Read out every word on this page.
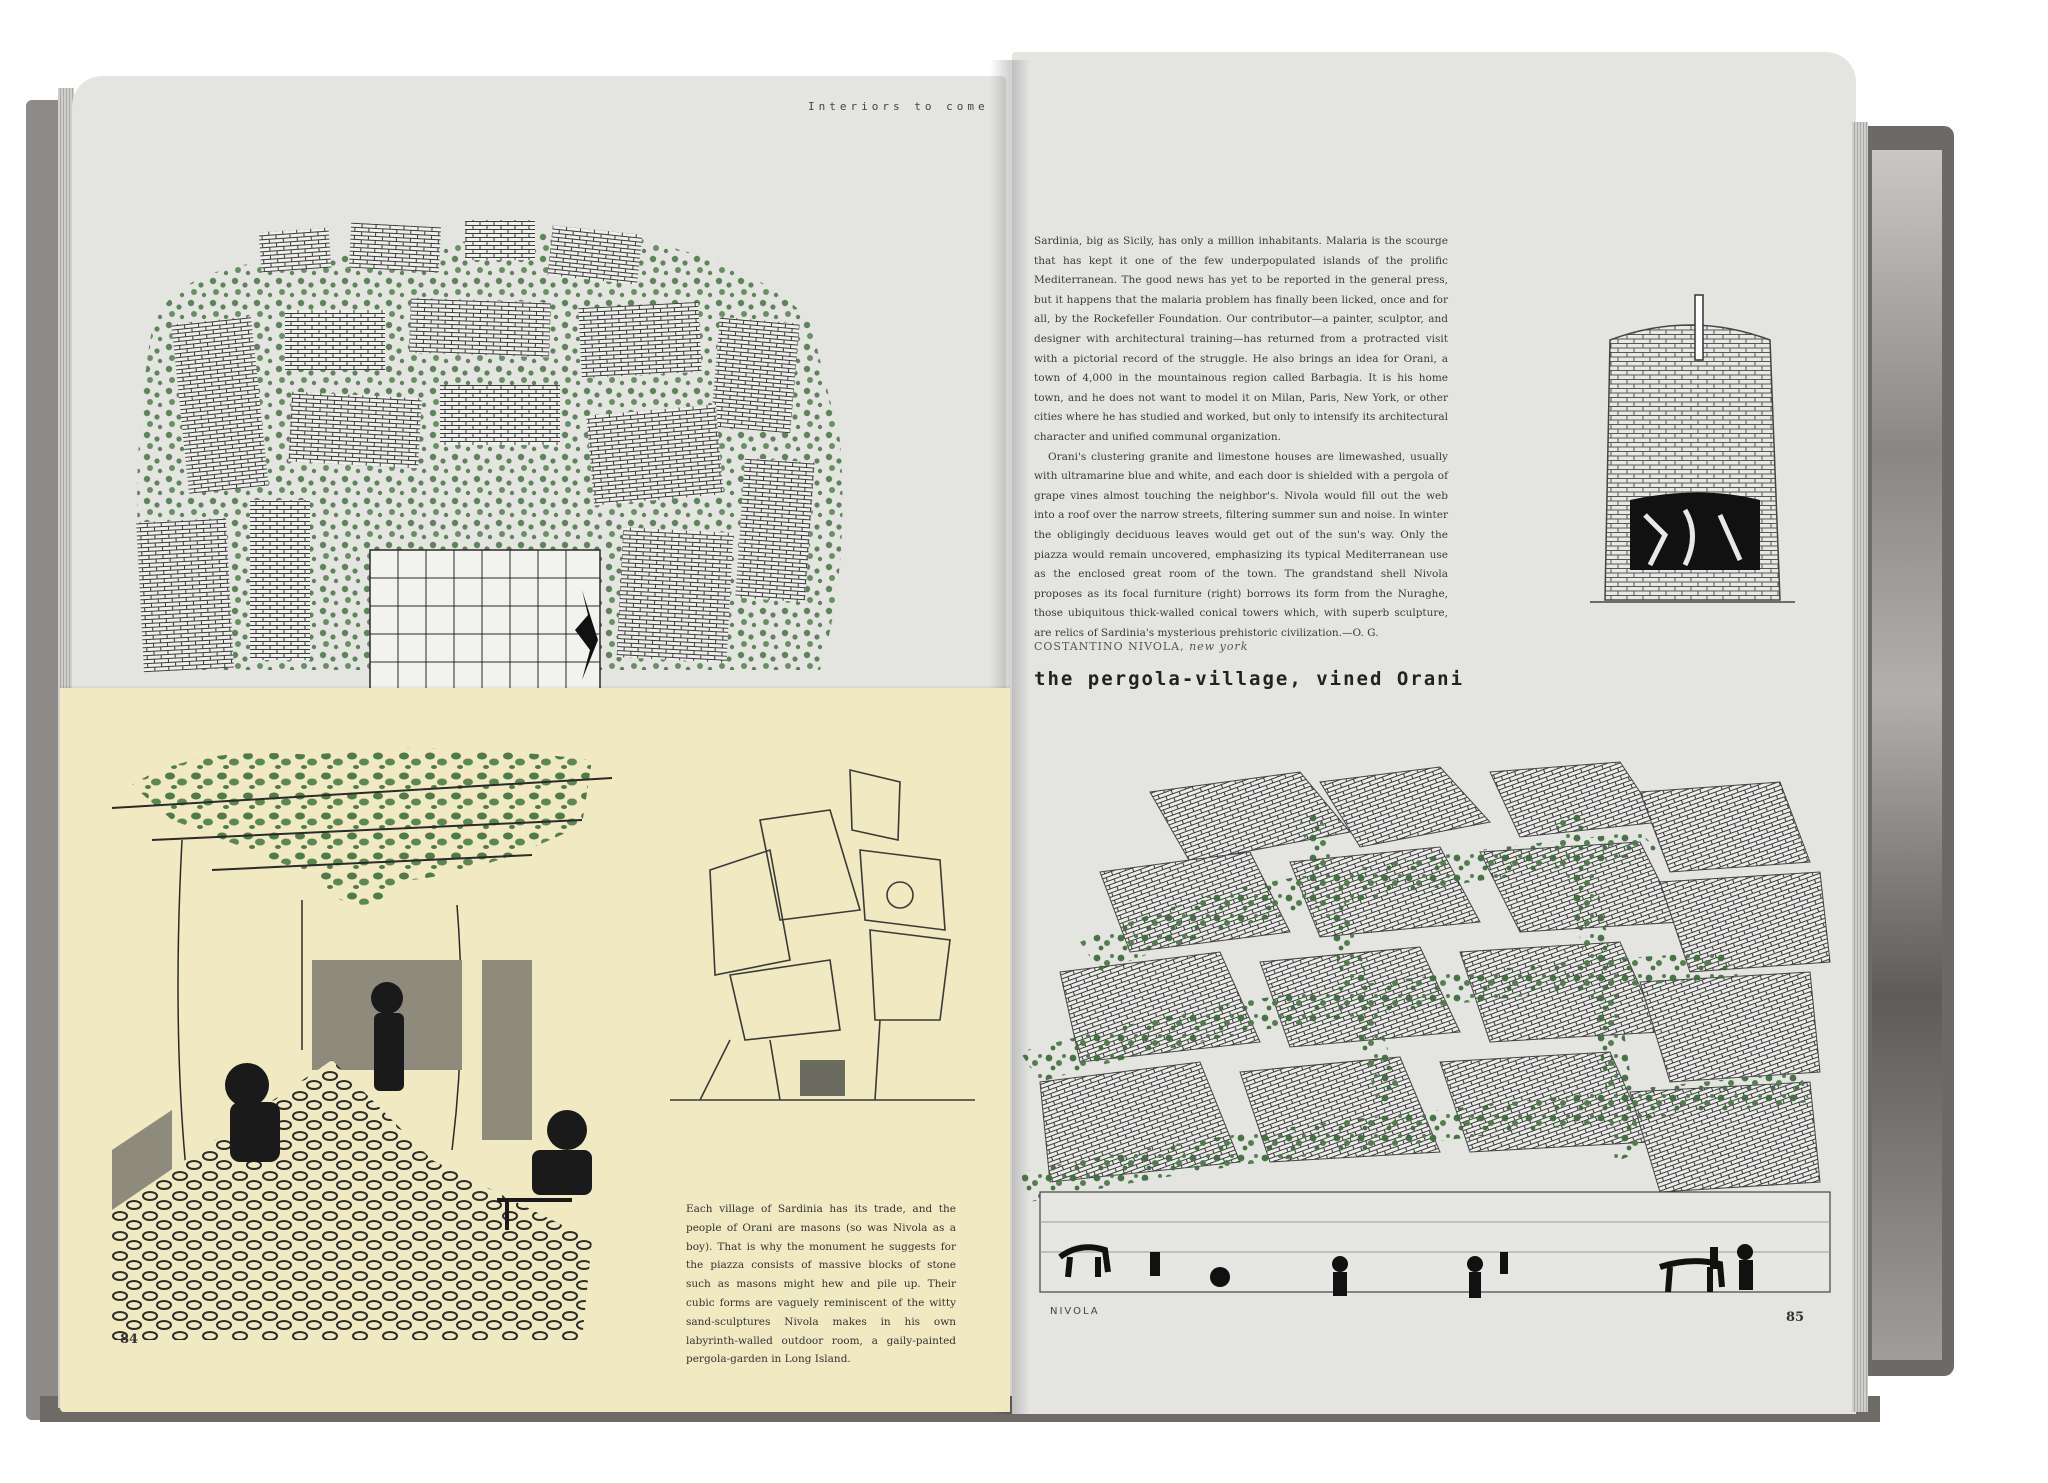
Interiors to come
Each village of Sardinia has its trade, and the people of Orani are masons (so was Nivola as a boy). That is why the monument he suggests for the piazza consists of massive blocks of stone such as masons might hew and pile up. Their cubic forms are vaguely reminiscent of the witty sand-sculptures Nivola makes in his own labyrinth-walled outdoor room, a gaily-painted pergola-garden in Long Island.
84

Sardinia, big as Sicily, has only a million inhabitants. Malaria is the scourge that has kept it one of the few underpopulated islands of the prolific Mediterranean. The good news has yet to be reported in the general press, but it happens that the malaria problem has finally been licked, once and for all, by the Rockefeller Foundation. Our contributor—a painter, sculptor, and designer with architectural training—has returned from a protracted visit with a pictorial record of the struggle. He also brings an idea for Orani, a town of 4,000 in the mountainous region called Barbagia. It is his home town, and he does not want to model it on Milan, Paris, New York, or other cities where he has studied and worked, but only to intensify its architectural character and unified communal organization.

Orani's clustering granite and limestone houses are limewashed, usually with ultramarine blue and white, and each door is shielded with a pergola of grape vines almost touching the neighbor's. Nivola would fill out the web into a roof over the narrow streets, filtering summer sun and noise. In winter the obligingly deciduous leaves would get out of the sun's way. Only the piazza would remain uncovered, emphasizing its typical Mediterranean use as the enclosed great room of the town. The grandstand shell Nivola proposes as its focal furniture (right) borrows its form from the Nuraghe, those ubiquitous thick-walled conical towers which, with superb sculpture, are relics of Sardinia's mysterious prehistoric civilization.—O. G.

COSTANTINO NIVOLA, new york
the pergola-village, vined Orani
NIVOLA	85
